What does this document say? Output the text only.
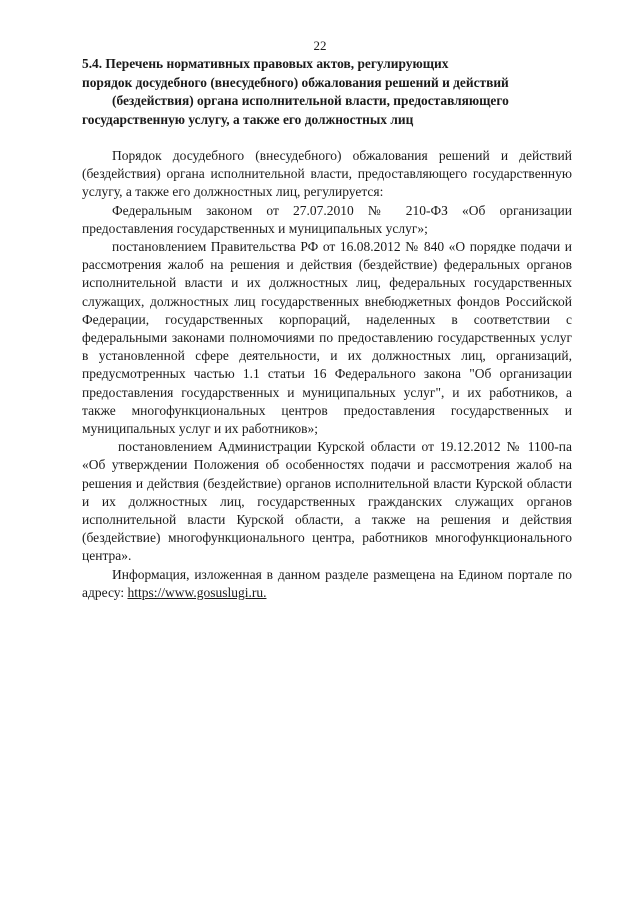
22
5.4. Перечень нормативных правовых актов, регулирующих
порядок досудебного (внесудебного) обжалования решений и действий
(бездействия) органа исполнительной власти, предоставляющего
государственную услугу, а также его должностных лиц

Порядок досудебного (внесудебного) обжалования решений и действий (бездействия) органа исполнительной власти, предоставляющего государственную услугу, а также его должностных лиц, регулируется:

Федеральным законом от 27.07.2010 № 210-ФЗ «Об организации предоставления государственных и муниципальных услуг»;

постановлением Правительства РФ от 16.08.2012 № 840 «О порядке подачи и рассмотрения жалоб на решения и действия (бездействие) федеральных органов исполнительной власти и их должностных лиц, федеральных государственных служащих, должностных лиц государственных внебюджетных фондов Российской Федерации, государственных корпораций, наделенных в соответствии с федеральными законами полномочиями по предоставлению государственных услуг в установленной сфере деятельности, и их должностных лиц, организаций, предусмотренных частью 1.1 статьи 16 Федерального закона "Об организации предоставления государственных и муниципальных услуг", и их работников, а также многофункциональных центров предоставления государственных и муниципальных услуг и их работников»;

постановлением Администрации Курской области от 19.12.2012 № 1100-па «Об утверждении Положения об особенностях подачи и рассмотрения жалоб на решения и действия (бездействие) органов исполнительной власти Курской области и их должностных лиц, государственных гражданских служащих органов исполнительной власти Курской области, а также на решения и действия (бездействие) многофункционального центра, работников многофункционального центра».

Информация, изложенная в данном разделе размещена на Едином портале по адресу: https://www.gosuslugi.ru.
